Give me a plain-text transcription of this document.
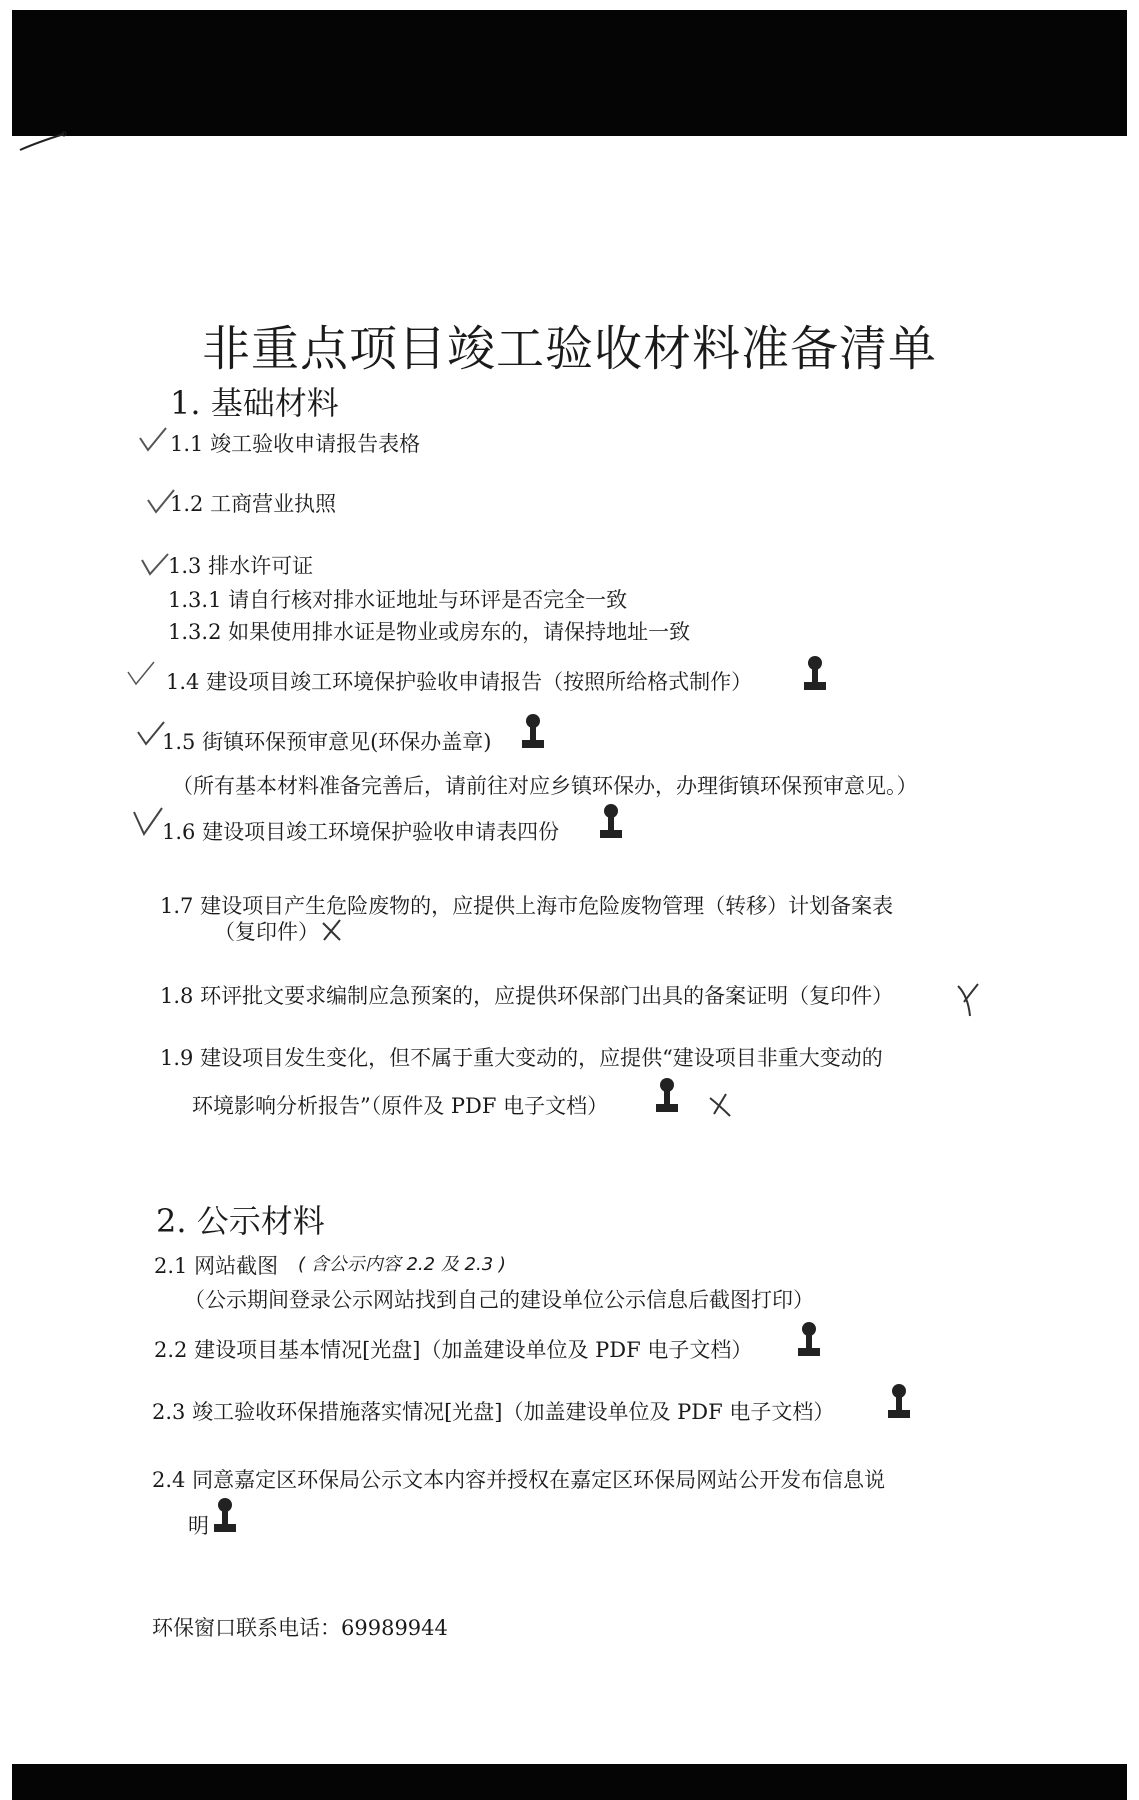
非重点项目竣工验收材料准备清单
1. 基础材料
1.1 竣工验收申请报告表格
1.2 工商营业执照
1.3 排水许可证
1.3.1 请自行核对排水证地址与环评是否完全一致
1.3.2 如果使用排水证是物业或房东的，请保持地址一致
1.4 建设项目竣工环境保护验收申请报告（按照所给格式制作）
1.5 街镇环保预审意见(环保办盖章)
（所有基本材料准备完善后，请前往对应乡镇环保办，办理街镇环保预审意见。）
1.6 建设项目竣工环境保护验收申请表四份
1.7 建设项目产生危险废物的，应提供上海市危险废物管理（转移）计划备案表
（复印件）
1.8 环评批文要求编制应急预案的，应提供环保部门出具的备案证明（复印件）
1.9 建设项目发生变化，但不属于重大变动的，应提供“建设项目非重大变动的
环境影响分析报告”（原件及 PDF 电子文档）
2. 公示材料
2.1 网站截图 ( 含公示内容 2.2 及 2.3 )
（公示期间登录公示网站找到自己的建设单位公示信息后截图打印）
2.2 建设项目基本情况[光盘]（加盖建设单位及 PDF 电子文档）
2.3 竣工验收环保措施落实情况[光盘]（加盖建设单位及 PDF 电子文档）
2.4 同意嘉定区环保局公示文本内容并授权在嘉定区环保局网站公开发布信息说
明
环保窗口联系电话：69989944
